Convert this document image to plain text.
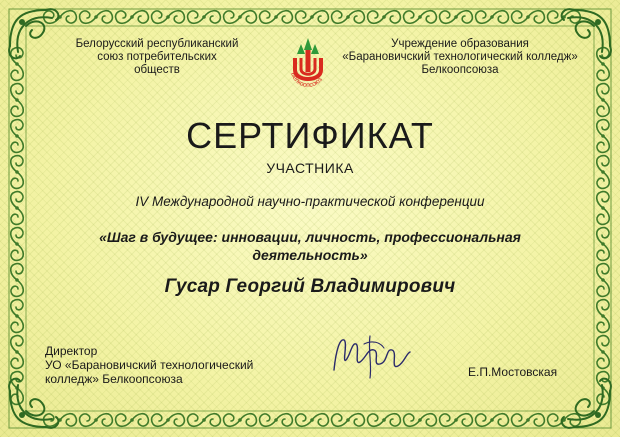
Белорусский республиканский
союз потребительских
обществ	Белкоопсоюз
Учреждение образования
«Барановичский технологический колледж»
Белкоопсоюза
СЕРТИФИКАТ
УЧАСТНИКА
IV Международной научно-практической конференции
«Шаг в будущее: инновации, личность, профессиональная
деятельность»
Гусар Георгий Владимирович
Директор
УО «Барановичский технологический
колледж» Белкоопсоюза
Е.П.Мостовская
